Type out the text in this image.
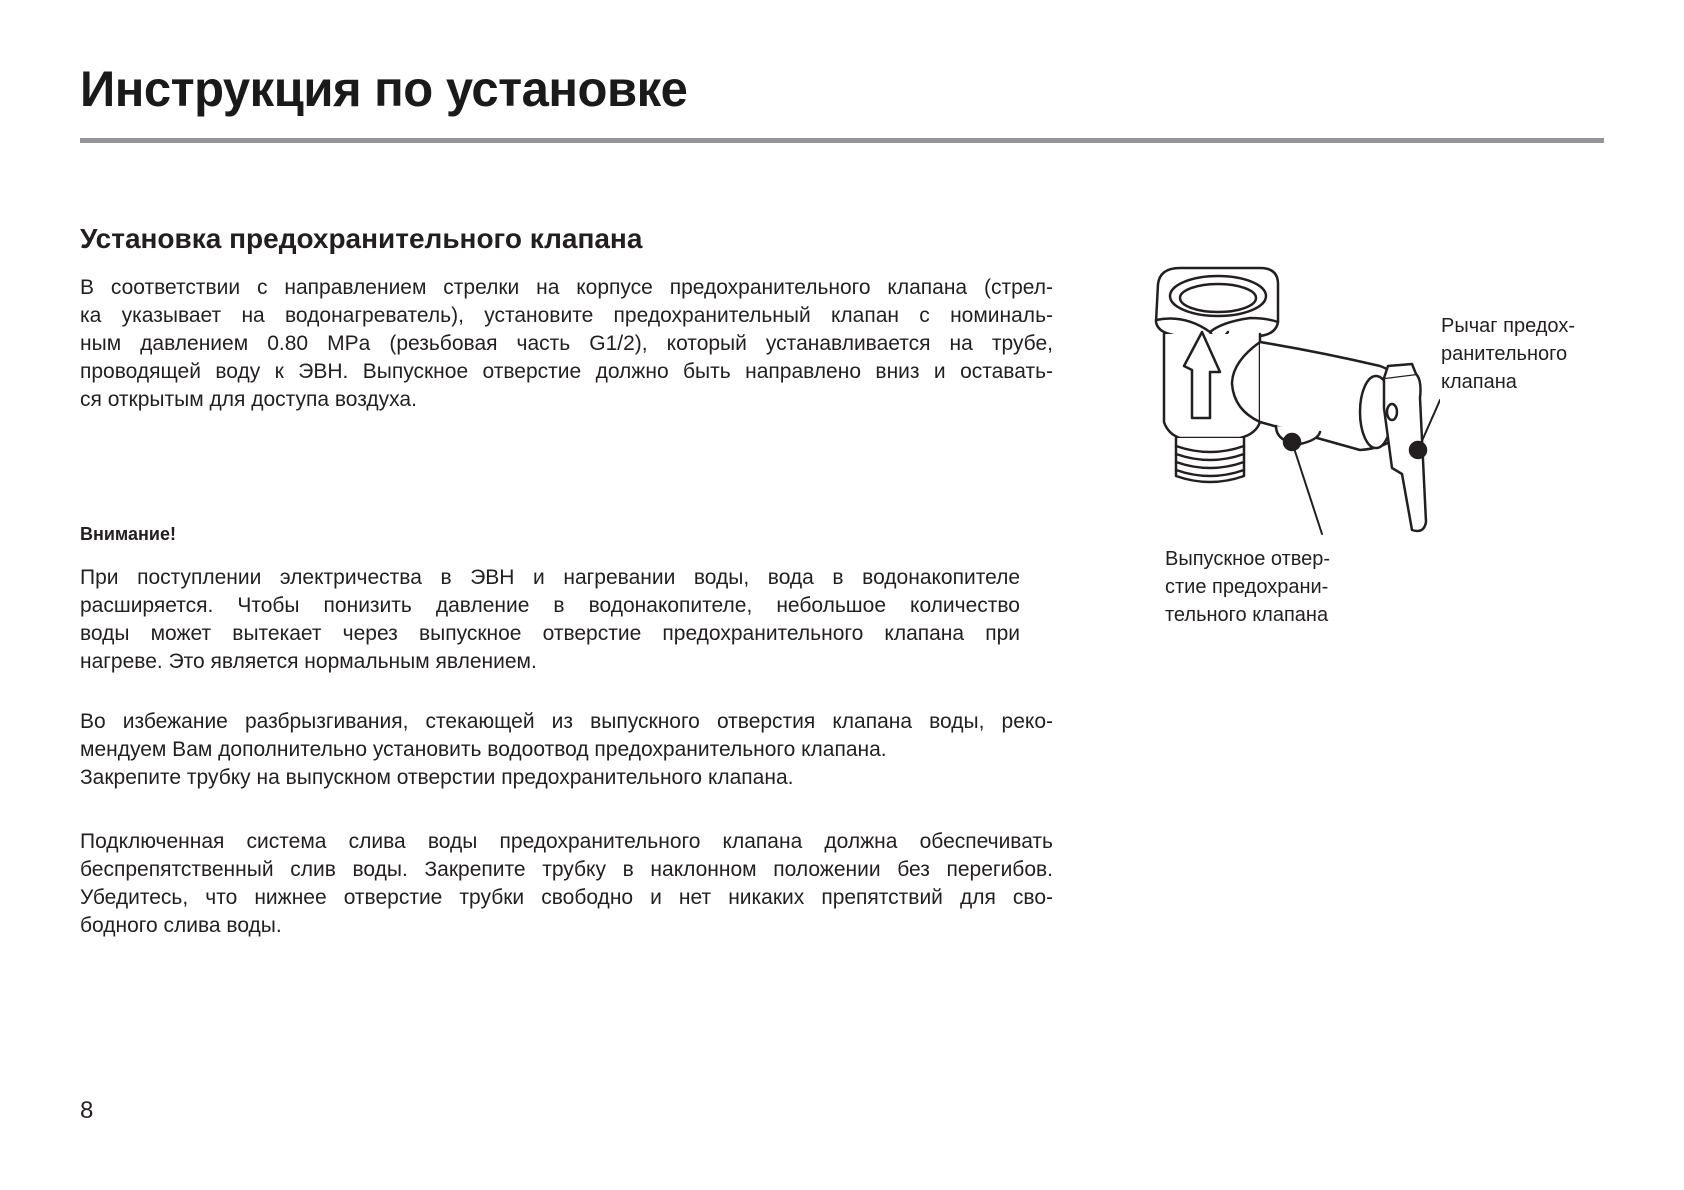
Инструкция по установке
Установка предохранительного клапана

В соответствии с направлением стрелки на корпусе предохранительного клапана (стрел-
ка указывает на водонагреватель), установите предохранительный клапан с номиналь-
ным давлением 0.80 MPa (резьбовая часть G1/2), который устанавливается на трубе,
проводящей воду к ЭВН. Выпускное отверстие должно быть направлено вниз и оставать-
ся открытым для доступа воздуха.

Внимание!

При поступлении электричества в ЭВН и нагревании воды, вода в водонакопителе
расширяется. Чтобы понизить давление в водонакопителе, небольшое количество
воды может вытекает через выпускное отверстие предохранительного клапана при
нагреве. Это является нормальным явлением.

Во избежание разбрызгивания, стекающей из выпускного отверстия клапана воды, реко-
мендуем Вам дополнительно установить водоотвод предохранительного клапана.
Закрепите трубку на выпускном отверстии предохранительного клапана.

Подключенная система слива воды предохранительного клапана должна обеспечивать
беспрепятственный слив воды. Закрепите трубку в наклонном положении без перегибов.
Убедитесь, что нижнее отверстие трубки свободно и нет никаких препятствий для сво-
бодного слива воды.

Рычаг предох-
ранительного
клапана
Выпускное отвер-
стие предохрани-
тельного клапана
8
